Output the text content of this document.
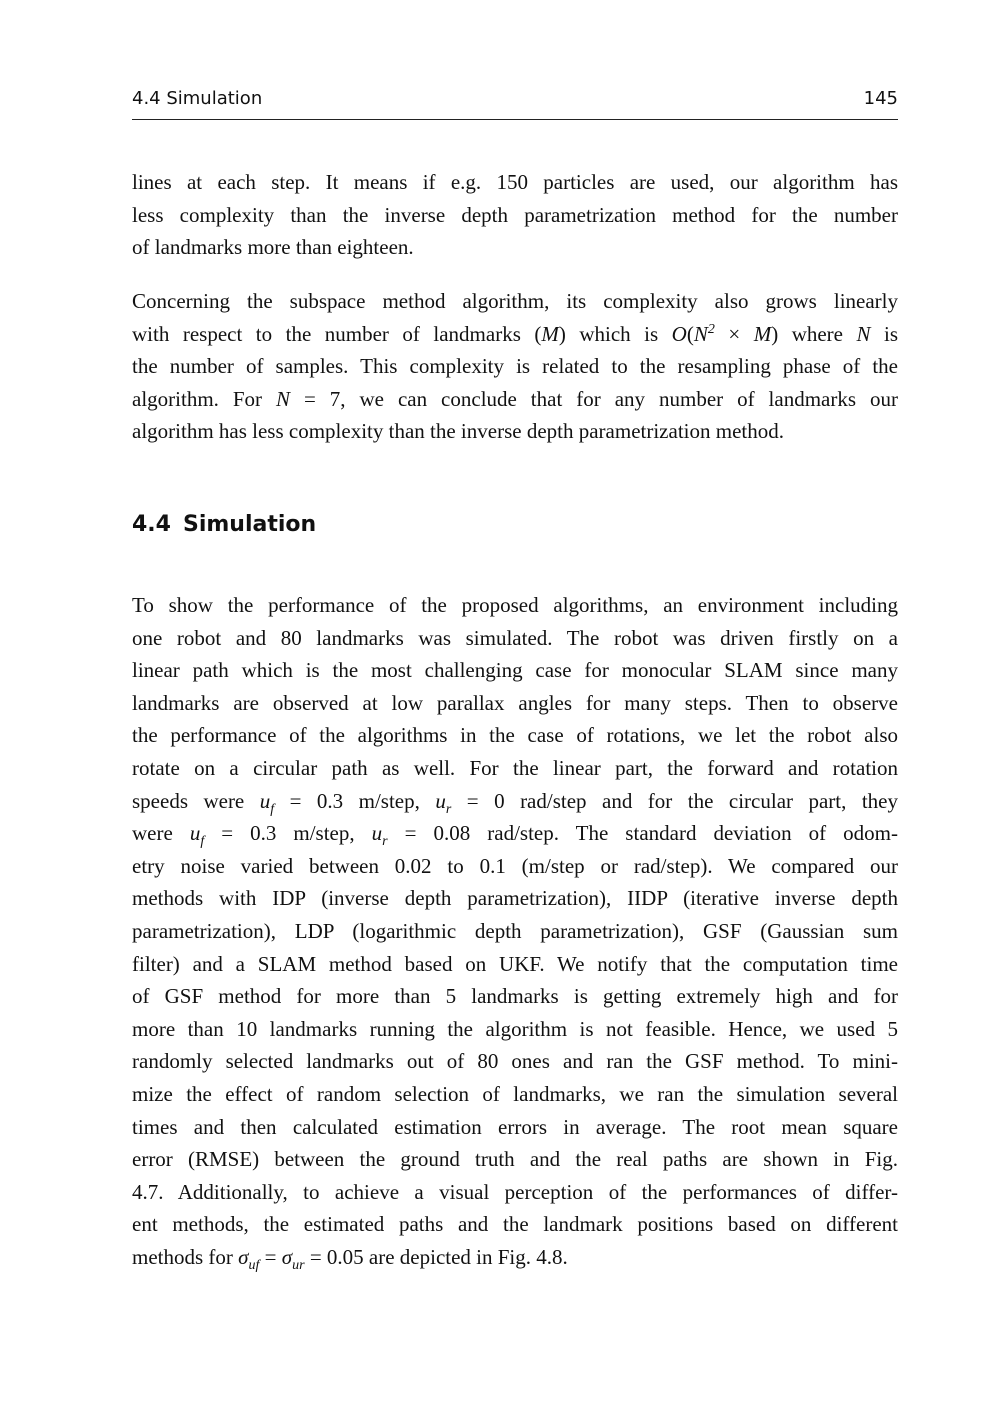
4.4 Simulation	145
lines at each step. It means if e.g. 150 particles are used, our algorithm has
less complexity than the inverse depth parametrization method for the number
of landmarks more than eighteen.
Concerning the subspace method algorithm, its complexity also grows linearly
with respect to the number of landmarks (M) which is $O(N^2 \times M)$ where N is
the number of samples. This complexity is related to the resampling phase of the
algorithm. For N = 7, we can conclude that for any number of landmarks our
algorithm has less complexity than the inverse depth parametrization method.
4.4 Simulation
To show the performance of the proposed algorithms, an environment including
one robot and 80 landmarks was simulated. The robot was driven firstly on a
linear path which is the most challenging case for monocular SLAM since many
landmarks are observed at low parallax angles for many steps. Then to observe
the performance of the algorithms in the case of rotations, we let the robot also
rotate on a circular path as well. For the linear part, the forward and rotation
speeds were $u_f = 0.3$ m/step, $u_r = 0$ rad/step and for the circular part, they
were $u_f = 0.3$ m/step, $u_r = 0.08$ rad/step. The standard deviation of odom-
etry noise varied between 0.02 to 0.1 (m/step or rad/step). We compared our
methods with IDP (inverse depth parametrization), IIDP (iterative inverse depth
parametrization), LDP (logarithmic depth parametrization), GSF (Gaussian sum
filter) and a SLAM method based on UKF. We notify that the computation time
of GSF method for more than 5 landmarks is getting extremely high and for
more than 10 landmarks running the algorithm is not feasible. Hence, we used 5
randomly selected landmarks out of 80 ones and ran the GSF method. To mini-
mize the effect of random selection of landmarks, we ran the simulation several
times and then calculated estimation errors in average. The root mean square
error (RMSE) between the ground truth and the real paths are shown in Fig.
4.7. Additionally, to achieve a visual perception of the performances of differ-
ent methods, the estimated paths and the landmark positions based on different
methods for $\sigma_{uf} = \sigma_{ur} = 0.05$ are depicted in Fig. 4.8.
